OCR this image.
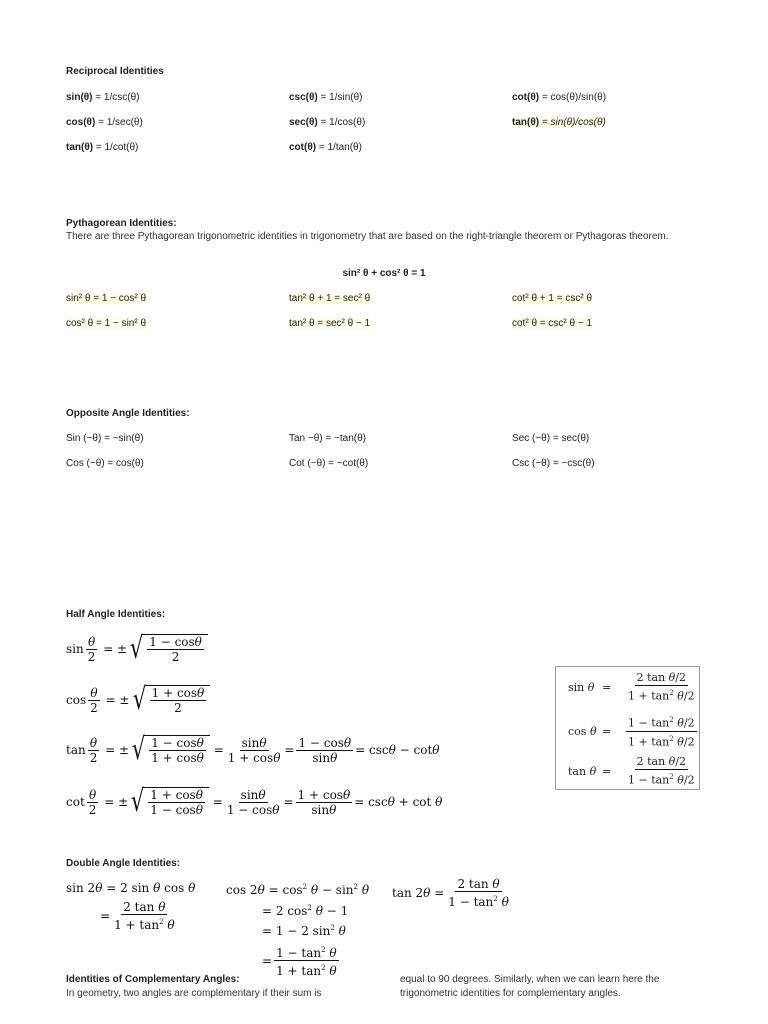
Reciprocal Identities
sin(θ) = 1/csc(θ)	csc(θ) = 1/sin(θ)	cot(θ) = cos(θ)/sin(θ)
cos(θ) = 1/sec(θ)	sec(θ) = 1/cos(θ)	tan(θ) = sin(θ)/cos(θ)
tan(θ) = 1/cot(θ)	cot(θ) = 1/tan(θ)
Pythagorean Identities:
There are three Pythagorean trigonometric identities in trigonometry that are based on the right-triangle theorem or Pythagoras theorem.
sin² θ + cos² θ = 1
sin² θ = 1 − cos² θ	tan² θ + 1 = sec² θ	cot² θ + 1 = csc² θ
cos² θ = 1 − sin² θ	tan² θ = sec² θ − 1	cot² θ = csc² θ − 1
Opposite Angle Identities:
Sin (−θ) = −sin(θ)	Tan −θ) = −tan(θ)	Sec (−θ) = sec(θ)
Cos (−θ) = cos(θ)	Cot (−θ) = −cot(θ)	Csc (−θ) = −csc(θ)
Half Angle Identities:
$\sin \frac{\theta}{2}$ = ± √ $\frac{1 - \cos\theta}{2}$
$\cos \frac{\theta}{2}$ = ± √ $\frac{1 + \cos\theta}{2}$
$\tan \frac{\theta}{2}$ = ± √ $\frac{1 - \cos\theta}{1 + \cos\theta} = \frac{\sin\theta}{1 + \cos\theta} = \frac{1 - \cos\theta}{\sin\theta} = \csc\theta - \cot\theta$
$\cot \frac{\theta}{2}$ = ± √ $\frac{1 + \cos\theta}{1 - \cos\theta} = \frac{\sin\theta}{1 - \cos\theta} = \frac{1 + \cos\theta}{\sin\theta} = \csc\theta + \cot \theta$
sin θ =	$\frac{\text{2 tan θ/2}}{1 + \tan^2 \theta/2}$
cos θ =	$\frac{1 - \tan^2 \theta/2}{1 + \tan^2 \theta/2}$
tan θ =	$\frac{\text{2 tan θ/2}}{1 - \tan^2 \theta/2}$
Double Angle Identities:
sin 2θ = 2 sin θ cos θ
= $\frac{\text{2 tan θ}}{1 + \tan^2 \theta}$
$\cos 2\theta = \cos^2 \theta - \sin^2 \theta$
= 2 $\cos^2 \theta - 1$
= 1 − 2 $\sin^2 \theta$
= $\frac{1 - \tan^2 \theta}{1 + \tan^2 \theta}$
$\tan 2\theta = \frac{\text{2 tan θ}}{1 - \tan^2 \theta}$
Identities of Complementary Angles:
In geometry, two angles are complementary if their sum is
equal to 90 degrees. Similarly, when we can learn here the
trigonometric identities for complementary angles.
